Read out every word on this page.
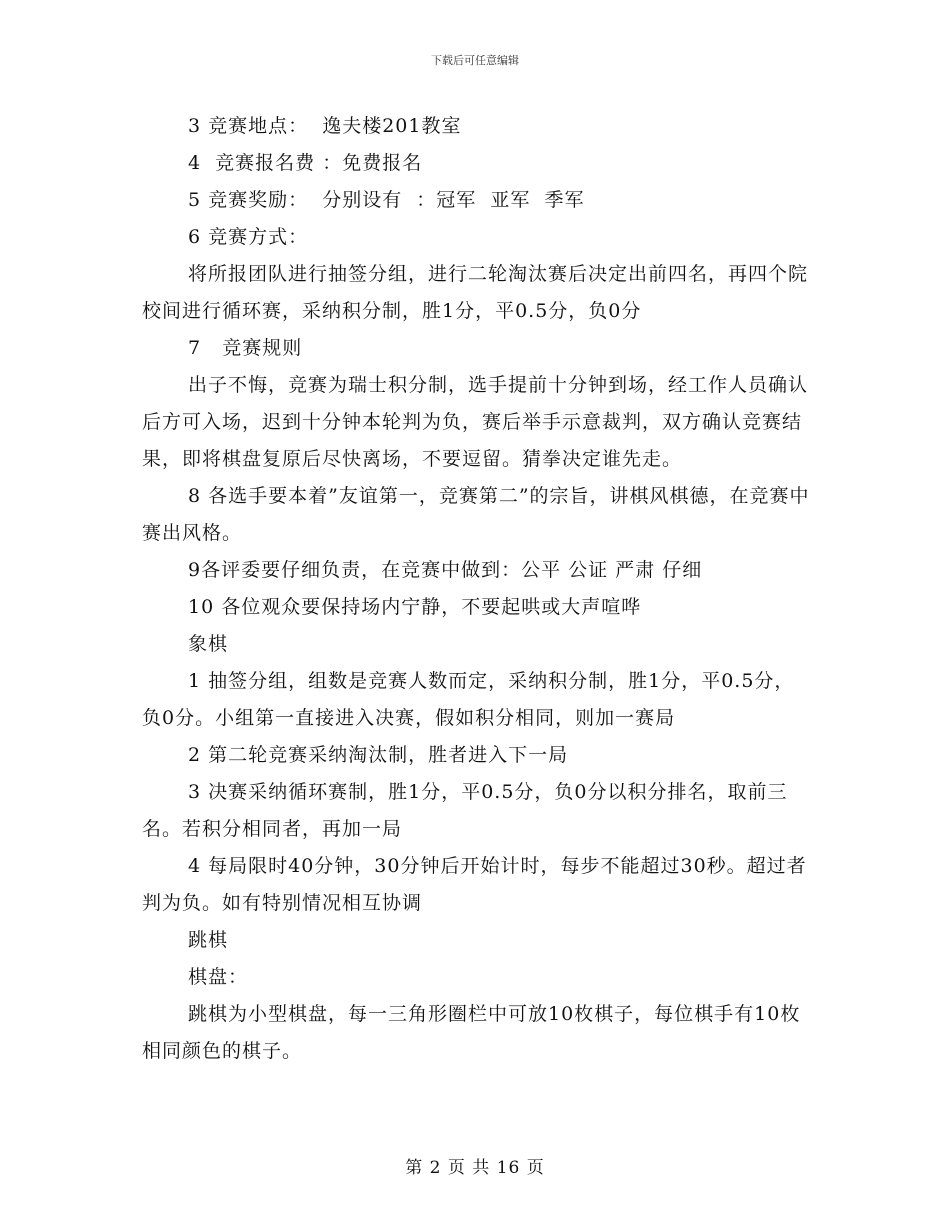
下载后可任意编辑

3 竞赛地点：  逸夫楼201教室

4  竞赛报名费 ：免费报名

5 竞赛奖励：  分别设有  ：冠军  亚军  季军

6 竞赛方式：

将所报团队进行抽签分组，进行二轮淘汰赛后决定出前四名，再四个院校间进行循环赛，采纳积分制，胜1分，平0.5分，负0分

7   竞赛规则

出子不悔，竞赛为瑞士积分制，选手提前十分钟到场，经工作人员确认后方可入场，迟到十分钟本轮判为负，赛后举手示意裁判，双方确认竞赛结果，即将棋盘复原后尽快离场，不要逗留。猜拳决定谁先走。

8 各选手要本着”友谊第一，竞赛第二”的宗旨，讲棋风棋德，在竞赛中赛出风格。

9各评委要仔细负责，在竞赛中做到：公平 公证 严肃 仔细

10 各位观众要保持场内宁静，不要起哄或大声喧哗

象棋

1 抽签分组，组数是竞赛人数而定，采纳积分制，胜1分，平0.5分，负0分。小组第一直接进入决赛，假如积分相同，则加一赛局

2 第二轮竞赛采纳淘汰制，胜者进入下一局

3 决赛采纳循环赛制，胜1分，平0.5分，负0分以积分排名，取前三名。若积分相同者，再加一局

4 每局限时40分钟，30分钟后开始计时，每步不能超过30秒。超过者判为负。如有特别情况相互协调

跳棋

棋盘：

跳棋为小型棋盘，每一三角形圈栏中可放10枚棋子，每位棋手有10枚相同颜色的棋子。

第 2 页 共 16 页
